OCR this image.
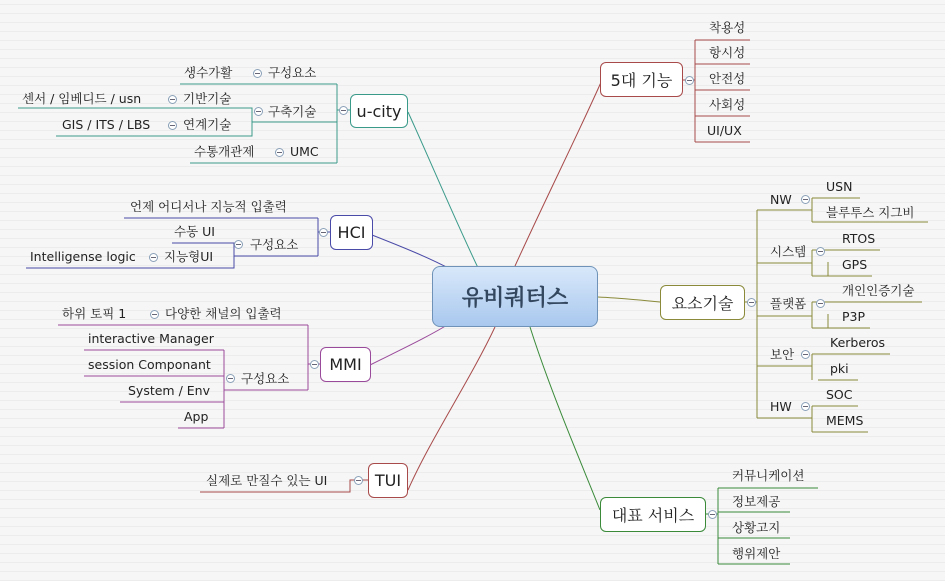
유비쿼터스
u-city
HCI
MMI
TUI
5대 기능
요소기술
대표 서비스
생수가활	구성요소
구축기술
센서 / 임베디드 / usn	기반기술
GIS / ITS / LBS	연계기술
수통개관제	UMC
언제 어디서나 지능적 입출력
수동 UI
구성요소
Intelligense logic 지능형UI
하위 토픽 1	다양한 채널의 입출력
interactive Manager
session Componant
System / Env
App
구성요소
실제로 만질수 있는 UI
착용성
항시성
안전성
사회성
UI/UX
NW
USN
블루투스 지그비
시스템
RTOS
GPS
플랫폼
개인인증기술
P3P
보안
Kerberos
pki
HW
SOC
MEMS
커뮤니케이션
정보제공
상황고지
행위제안
